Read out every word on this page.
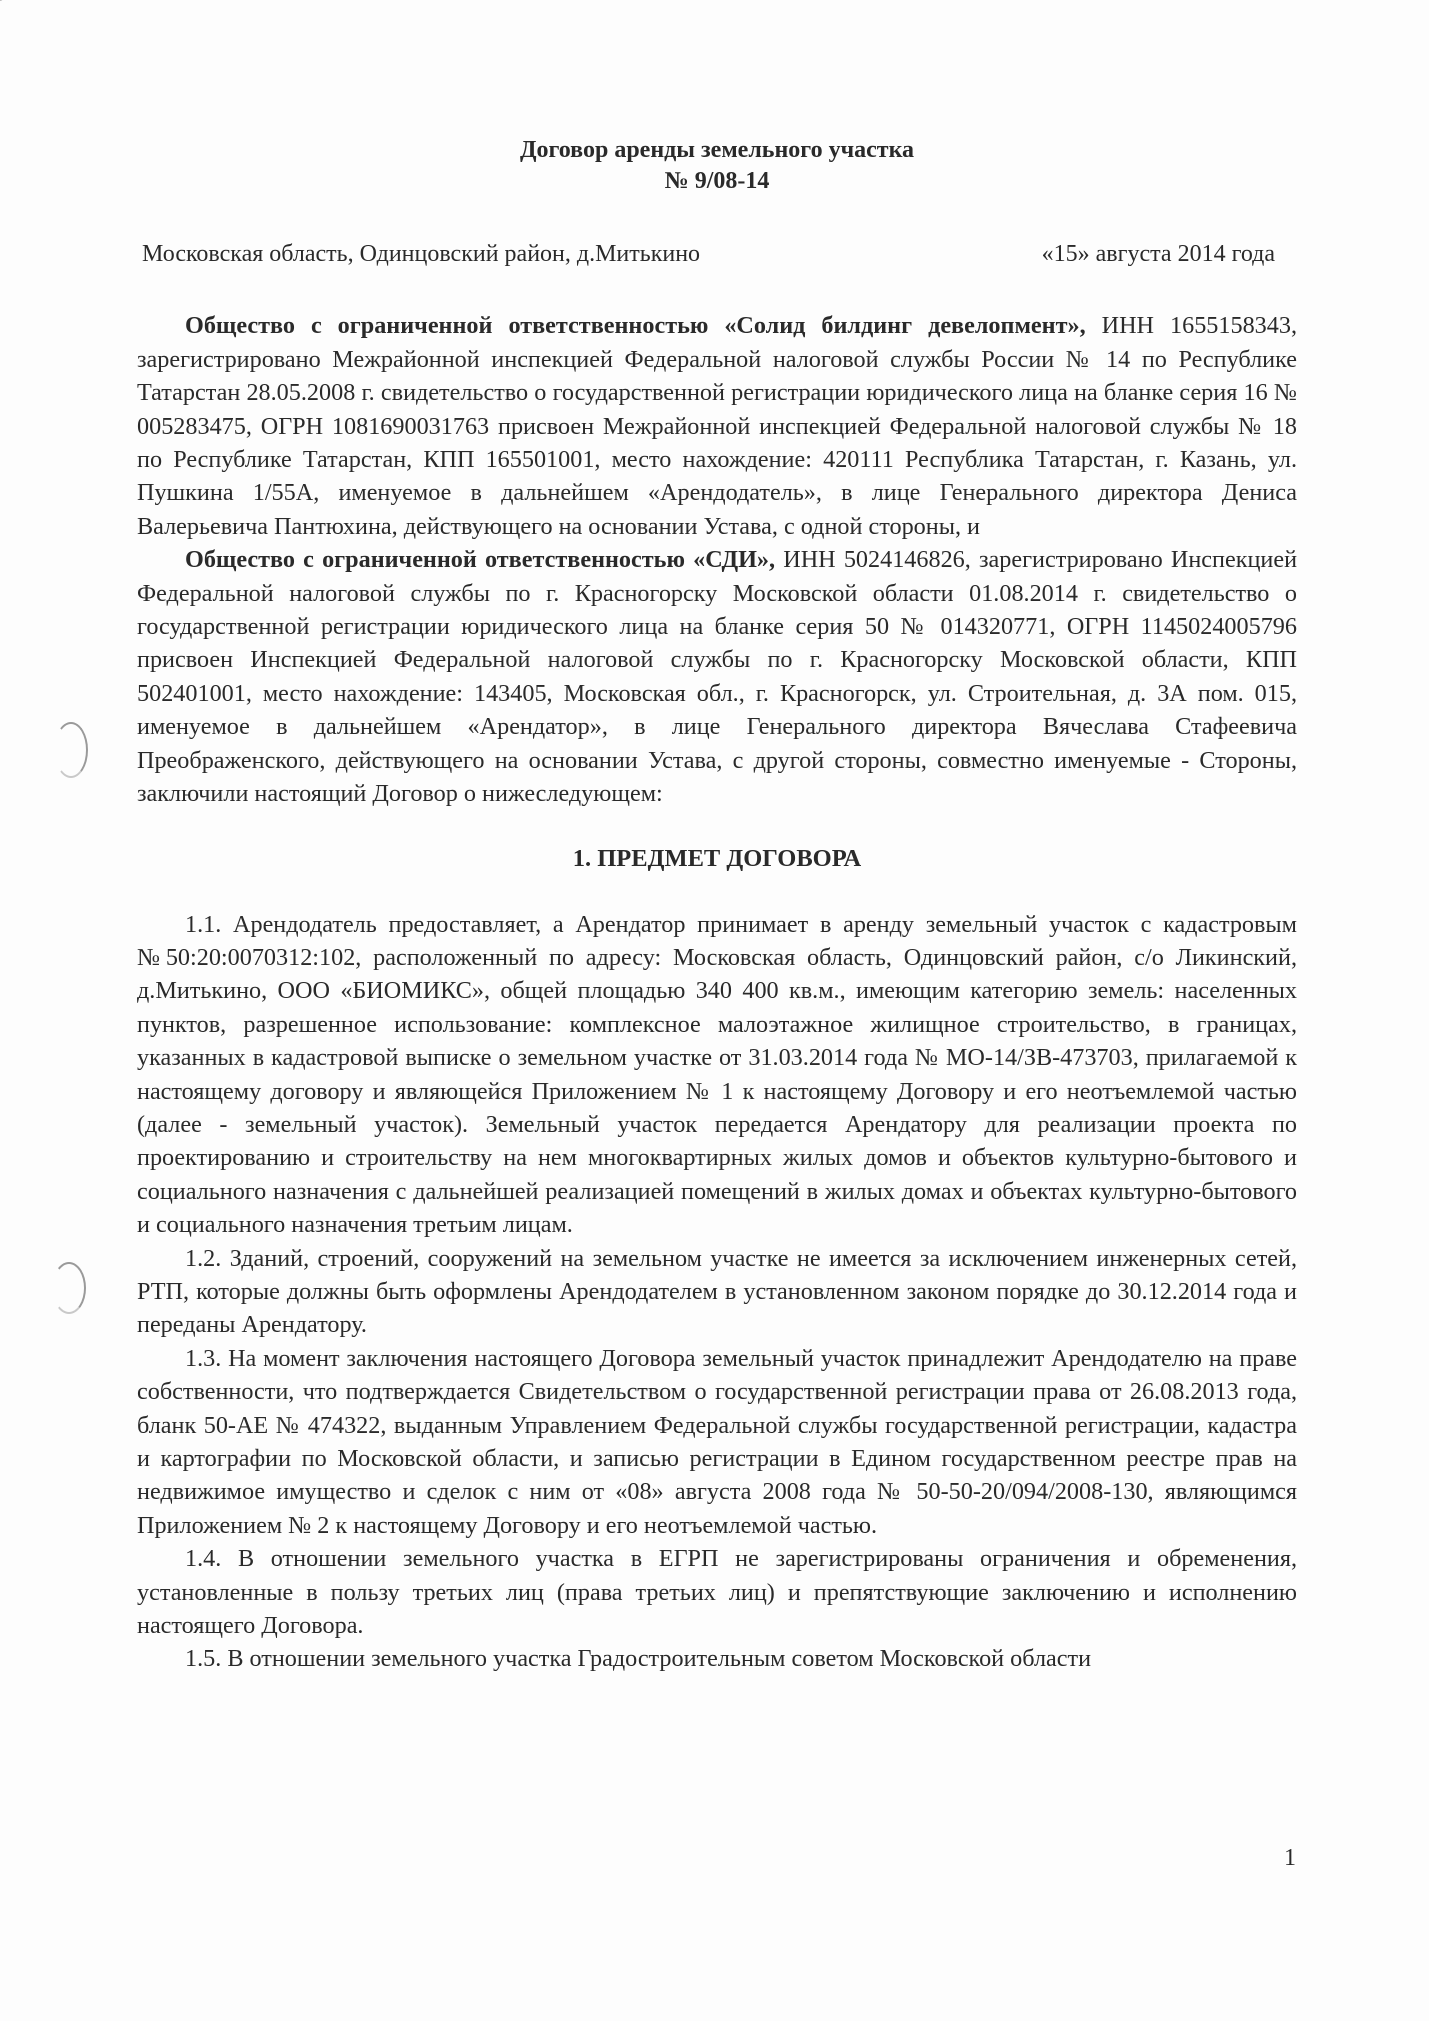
Договор аренды земельного участка
№ 9/08-14
Московская область, Одинцовский район, д.Митькино	«15» августа 2014 года

Общество с ограниченной ответственностью «Солид билдинг девелопмент», ИНН 1655158343, зарегистрировано Межрайонной инспекцией Федеральной налоговой службы России № 14 по Республике Татарстан 28.05.2008 г. свидетельство о государственной регистрации юридического лица на бланке серия 16 № 005283475, ОГРН 1081690031763 присвоен Межрайонной инспекцией Федеральной налоговой службы № 18 по Республике Татарстан, КПП 165501001, место нахождение: 420111 Республика Татарстан, г. Казань, ул. Пушкина 1/55А, именуемое в дальнейшем «Арендодатель», в лице Генерального директора Дениса Валерьевича Пантюхина, действующего на основании Устава, с одной стороны, и

Общество с ограниченной ответственностью «СДИ», ИНН 5024146826, зарегистрировано Инспекцией Федеральной налоговой службы по г. Красногорску Московской области 01.08.2014 г. свидетельство о государственной регистрации юридического лица на бланке серия 50 № 014320771, ОГРН 1145024005796 присвоен Инспекцией Федеральной налоговой службы по г. Красногорску Московской области, КПП 502401001, место нахождение: 143405, Московская обл., г. Красногорск, ул. Строительная, д. 3А пом. 015, именуемое в дальнейшем «Арендатор», в лице Генерального директора Вячеслава Стафеевича Преображенского, действующего на основании Устава, с другой стороны, совместно именуемые - Стороны, заключили настоящий Договор о нижеследующем:

1. ПРЕДМЕТ ДОГОВОРА

1.1. Арендодатель предоставляет, а Арендатор принимает в аренду земельный участок с кадастровым №50:20:0070312:102, расположенный по адресу: Московская область, Одинцовский район, с/о Ликинский, д.Митькино, ООО «БИОМИКС», общей площадью 340 400 кв.м., имеющим категорию земель: населенных пунктов, разрешенное использование: комплексное малоэтажное жилищное строительство, в границах, указанных в кадастровой выписке о земельном участке от 31.03.2014 года № МО-14/ЗВ-473703, прилагаемой к настоящему договору и являющейся Приложением № 1 к настоящему Договору и его неотъемлемой частью (далее - земельный участок). Земельный участок передается Арендатору для реализации проекта по проектированию и строительству на нем многоквартирных жилых домов и объектов культурно-бытового и социального назначения с дальнейшей реализацией помещений в жилых домах и объектах культурно-бытового и социального назначения третьим лицам.

1.2. Зданий, строений, сооружений на земельном участке не имеется за исключением инженерных сетей, РТП, которые должны быть оформлены Арендодателем в установленном законом порядке до 30.12.2014 года и переданы Арендатору.

1.3. На момент заключения настоящего Договора земельный участок принадлежит Арендодателю на праве собственности, что подтверждается Свидетельством о государственной регистрации права от 26.08.2013 года, бланк 50-АЕ № 474322, выданным Управлением Федеральной службы государственной регистрации, кадастра и картографии по Московской области, и записью регистрации в Едином государственном реестре прав на недвижимое имущество и сделок с ним от «08» августа 2008 года № 50-50-20/094/2008-130, являющимся Приложением № 2 к настоящему Договору и его неотъемлемой частью.

1.4. В отношении земельного участка в ЕГРП не зарегистрированы ограничения и обременения, установленные в пользу третьих лиц (права третьих лиц) и препятствующие заключению и исполнению настоящего Договора.

1.5. В отношении земельного участка Градостроительным советом Московской области

1
